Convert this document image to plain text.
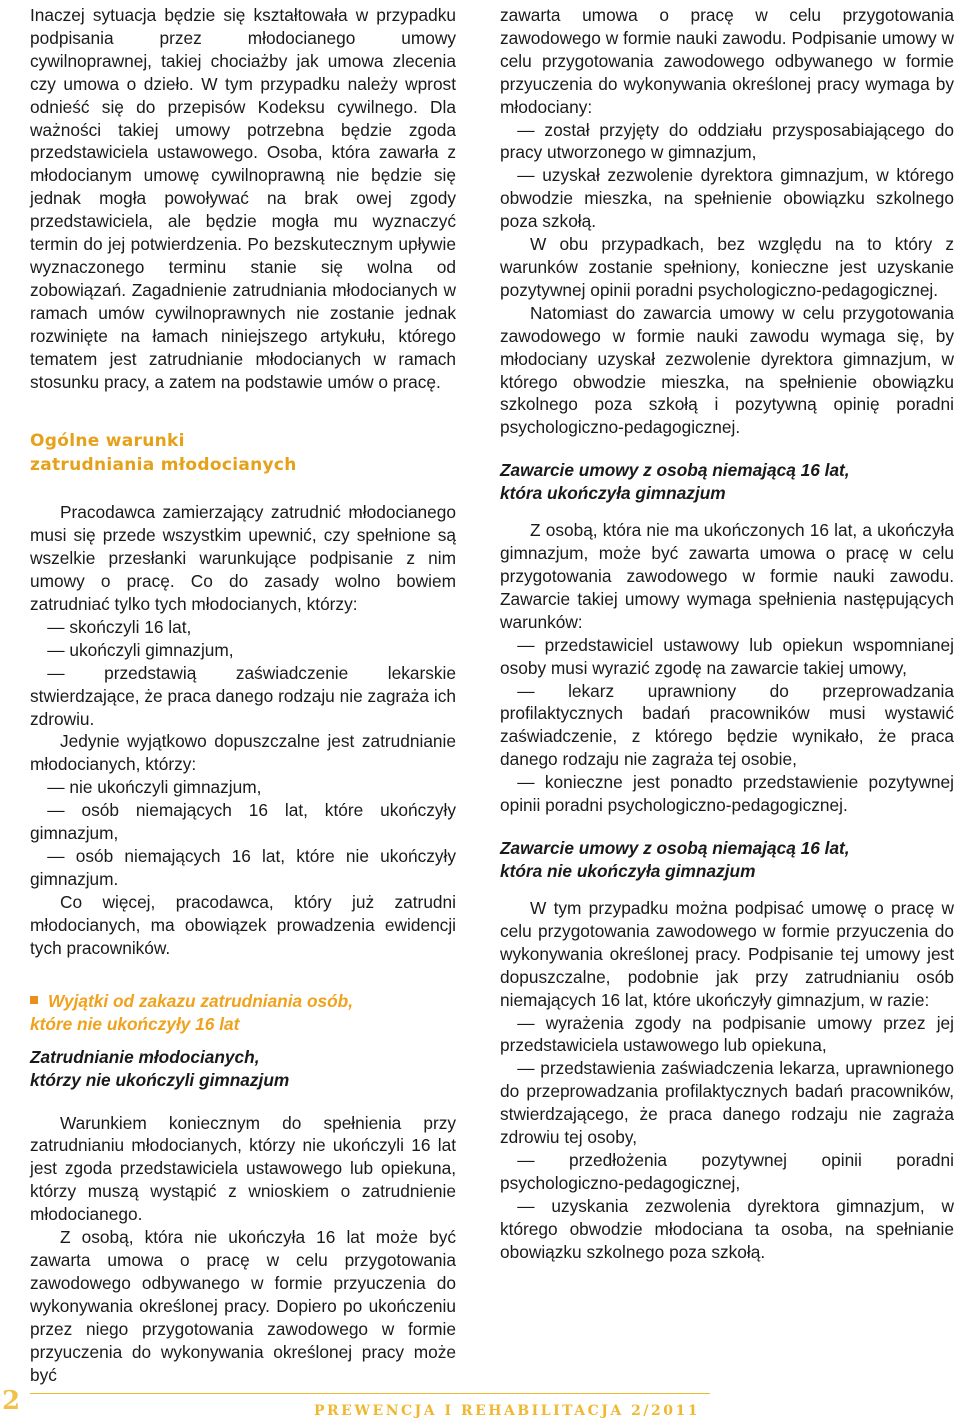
Inaczej sytuacja będzie się kształtowała w przypadku podpisania przez młodocianego umowy cywilnoprawnej, takiej chociażby jak umowa zlecenia czy umowa o dzieło. W tym przypadku należy wprost odnieść się do przepisów Kodeksu cywilnego. Dla ważności takiej umowy potrzebna będzie zgoda przedstawiciela ustawowego. Osoba, która zawarła z młodocianym umowę cywilnoprawną nie będzie się jednak mogła powoływać na brak owej zgody przedstawiciela, ale będzie mogła mu wyznaczyć termin do jej potwierdzenia. Po bezskutecznym upływie wyznaczonego terminu stanie się wolna od zobowiązań. Zagadnienie zatrudniania młodocianych w ramach umów cywilnoprawnych nie zostanie jednak rozwinięte na łamach niniejszego artykułu, którego tematem jest zatrudnianie młodocianych w ramach stosunku pracy, a zatem na podstawie umów o pracę.

Ogólne warunki
zatrudniania młodocianych

Pracodawca zamierzający zatrudnić młodocianego musi się przede wszystkim upewnić, czy spełnione są wszelkie przesłanki warunkujące podpisanie z nim umowy o pracę. Co do zasady wolno bowiem zatrudniać tylko tych młodocianych, którzy:

 — skończyli 16 lat,

 — ukończyli gimnazjum,

 — przedstawią zaświadczenie lekarskie stwierdzające, że praca danego rodzaju nie zagraża ich zdrowiu.

Jedynie wyjątkowo dopuszczalne jest zatrudnianie młodocianych, którzy:

 — nie ukończyli gimnazjum,

 — osób niemających 16 lat, które ukończyły gimnazjum,

 — osób niemających 16 lat, które nie ukończyły gimnazjum.

Co więcej, pracodawca, który już zatrudni młodocianych, ma obowiązek prowadzenia ewidencji tych pracowników.

Wyjątki od zakazu zatrudniania osób,
które nie ukończyły 16 lat
Zatrudnianie młodocianych,
którzy nie ukończyli gimnazjum

Warunkiem koniecznym do spełnienia przy zatrudnianiu młodocianych, którzy nie ukończyli 16 lat jest zgoda przedstawiciela ustawowego lub opiekuna, którzy muszą wystąpić z wnioskiem o zatrudnienie młodocianego.

Z osobą, która nie ukończyła 16 lat może być zawarta umowa o pracę w celu przygotowania zawodowego odbywanego w formie przyuczenia do wykonywania określonej pracy. Dopiero po ukończeniu przez niego przygotowania zawodowego w formie przyuczenia do wykonywania określonej pracy może być

zawarta umowa o pracę w celu przygotowania zawodowego w formie nauki zawodu. Podpisanie umowy w celu przygotowania zawodowego odbywanego w formie przyuczenia do wykonywania określonej pracy wymaga by młodociany:

 — został przyjęty do oddziału przysposabiającego do pracy utworzonego w gimnazjum,

 — uzyskał zezwolenie dyrektora gimnazjum, w którego obwodzie mieszka, na spełnienie obowiązku szkolnego poza szkołą.

W obu przypadkach, bez względu na to który z warunków zostanie spełniony, konieczne jest uzyskanie pozytywnej opinii poradni psychologiczno-pedagogicznej.

Natomiast do zawarcia umowy w celu przygotowania zawodowego w formie nauki zawodu wymaga się, by młodociany uzyskał zezwolenie dyrektora gimnazjum, w którego obwodzie mieszka, na spełnienie obowiązku szkolnego poza szkołą i pozytywną opinię poradni psychologiczno-pedagogicznej.

Zawarcie umowy z osobą niemającą 16 lat,
która ukończyła gimnazjum

Z osobą, która nie ma ukończonych 16 lat, a ukończyła gimnazjum, może być zawarta umowa o pracę w celu przygotowania zawodowego w formie nauki zawodu. Zawarcie takiej umowy wymaga spełnienia następujących warunków:

 — przedstawiciel ustawowy lub opiekun wspomnianej osoby musi wyrazić zgodę na zawarcie takiej umowy,

 — lekarz uprawniony do przeprowadzania profilaktycznych badań pracowników musi wystawić zaświadczenie, z którego będzie wynikało, że praca danego rodzaju nie zagraża tej osobie,

 — konieczne jest ponadto przedstawienie pozytywnej opinii poradni psychologiczno-pedagogicznej.

Zawarcie umowy z osobą niemającą 16 lat,
która nie ukończyła gimnazjum

W tym przypadku można podpisać umowę o pracę w celu przygotowania zawodowego w formie przyuczenia do wykonywania określonej pracy. Podpisanie tej umowy jest dopuszczalne, podobnie jak przy zatrudnianiu osób niemających 16 lat, które ukończyły gimnazjum, w razie:

 — wyrażenia zgody na podpisanie umowy przez jej przedstawiciela ustawowego lub opiekuna,

 — przedstawienia zaświadczenia lekarza, uprawnionego do przeprowadzania profilaktycznych badań pracowników, stwierdzającego, że praca danego rodzaju nie zagraża zdrowiu tej osoby,

 — przedłożenia pozytywnej opinii poradni psychologiczno-pedagogicznej,

 — uzyskania zezwolenia dyrektora gimnazjum, w którego obwodzie młodociana ta osoba, na spełnianie obowiązku szkolnego poza szkołą.

2	PREWENCJA I REHABILITACJA 2/2011
